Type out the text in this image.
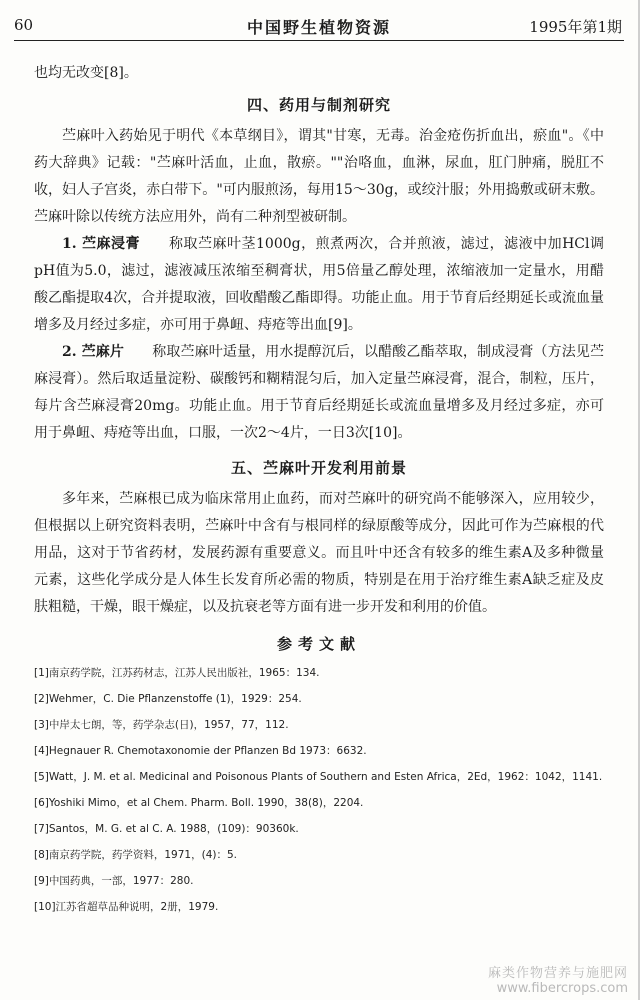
60	中国野生植物资源	1995年第1期

也均无改变[8]。

四、药用与制剂研究

苎麻叶入药始见于明代《本草纲目》，谓其"甘寒，无毒。治金疮伤折血出，瘀血"。《中药大辞典》记载："苎麻叶活血，止血，散瘀。""治咯血，血淋，尿血，肛门肿痛，脱肛不收，妇人子宫炎，赤白带下。"可内服煎汤，每用15～30g，或绞汁服；外用捣敷或研末敷。苎麻叶除以传统方法应用外，尚有二种剂型被研制。

1. 苎麻浸膏　　 称取苎麻叶茎1000g，煎煮两次，合并煎液，滤过，滤液中加HCl调pH值为5.0，滤过，滤液减压浓缩至稠膏状，用5倍量乙醇处理，浓缩液加一定量水，用醋酸乙酯提取4次，合并提取液，回收醋酸乙酯即得。功能止血。用于节育后经期延长或流血量增多及月经过多症，亦可用于鼻衄、痔疮等出血[9]。

2. 苎麻片　　 称取苎麻叶适量，用水提醇沉后，以醋酸乙酯萃取，制成浸膏（方法见苎麻浸膏）。然后取适量淀粉、碳酸钙和糊精混匀后，加入定量苎麻浸膏，混合，制粒，压片，每片含苎麻浸膏20mg。功能止血。用于节育后经期延长或流血量增多及月经过多症，亦可用于鼻衄、痔疮等出血，口服，一次2～4片，一日3次[10]。

五、苎麻叶开发利用前景

多年来，苎麻根已成为临床常用止血药，而对苎麻叶的研究尚不能够深入，应用较少，但根据以上研究资料表明，苎麻叶中含有与根同样的绿原酸等成分，因此可作为苎麻根的代用品，这对于节省药材，发展药源有重要意义。而且叶中还含有较多的维生素A及多种微量元素，这些化学成分是人体生长发育所必需的物质，特别是在用于治疗维生素A缺乏症及皮肤粗糙，干燥，眼干燥症，以及抗衰老等方面有进一步开发和利用的价值。

参考文献
[1]南京药学院，江苏药材志，江苏人民出版社，1965：134.
[2]Wehmer，C. Die Pflanzenstoffe (1)，1929：254.
[3]中岸太七朗，等，药学杂志(日)，1957，77，112.
[4]Hegnauer R. Chemotaxonomie der Pflanzen Bd 1973：6632.
[5]Watt，J. M. et al. Medicinal and Poisonous Plants of Southern and Esten Africa，2Ed，1962：1042，1141.
[6]Yoshiki Mimo，et al Chem. Pharm. Boll. 1990，38(8)，2204.
[7]Santos，M. G. et al C. A. 1988，(109)：90360k.
[8]南京药学院，药学资料，1971，(4)：5.
[9]中国药典，一部，1977：280.
[10]江苏省超草品种说明，2册，1979.
麻类作物营养与施肥网
www.fibercrops.com
